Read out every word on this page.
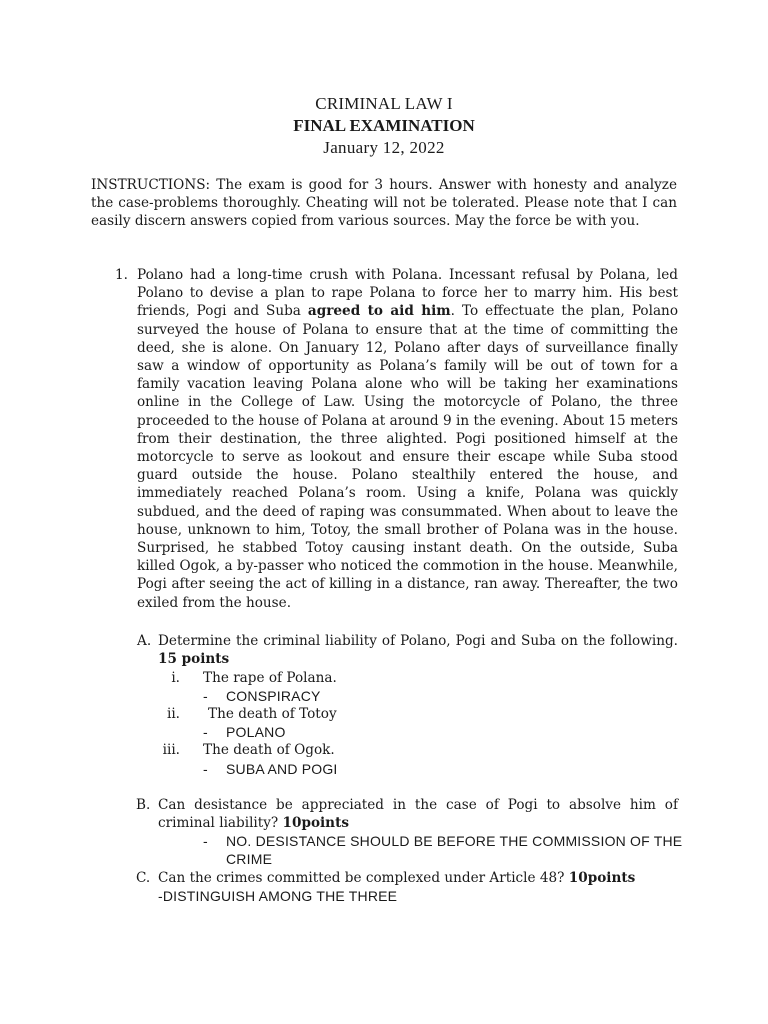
CRIMINAL LAW I
FINAL EXAMINATION
January 12, 2022

INSTRUCTIONS: The exam is good for 3 hours. Answer with honesty and analyze the case-problems thoroughly. Cheating will not be tolerated. Please note that I can easily discern answers copied from various sources. May the force be with you.

1. Polano had a long-time crush with Polana. Incessant refusal by Polana, led Polano to devise a plan to rape Polana to force her to marry him. His best friends, Pogi and Suba agreed to aid him. To effectuate the plan, Polano surveyed the house of Polana to ensure that at the time of committing the deed, she is alone. On January 12, Polano after days of surveillance finally saw a window of opportunity as Polana’s family will be out of town for a family vacation leaving Polana alone who will be taking her examinations online in the College of Law. Using the motorcycle of Polano, the three proceeded to the house of Polana at around 9 in the evening. About 15 meters from their destination, the three alighted. Pogi positioned himself at the motorcycle to serve as lookout and ensure their escape while Suba stood guard outside the house. Polano stealthily entered the house, and immediately reached Polana’s room. Using a knife, Polana was quickly subdued, and the deed of raping was consummated. When about to leave the house, unknown to him, Totoy, the small brother of Polana was in the house. Surprised, he stabbed Totoy causing instant death. On the outside, Suba killed Ogok, a by-passer who noticed the commotion in the house. Meanwhile, Pogi after seeing the act of killing in a distance, ran away. Thereafter, the two exiled from the house.

A. Determine the criminal liability of Polano, Pogi and Suba on the following. 15 points

i. The rape of Polana.
- CONSPIRACY
ii. The death of Totoy
- POLANO
iii. The death of Ogok.
- SUBA AND POGI
B. Can desistance be appreciated in the case of Pogi to absolve him of criminal liability? 10points

- NO. DESISTANCE SHOULD BE BEFORE THE COMMISSION OF THE CRIME
C. Can the crimes committed be complexed under Article 48? 10points

-DISTINGUISH AMONG THE THREE
